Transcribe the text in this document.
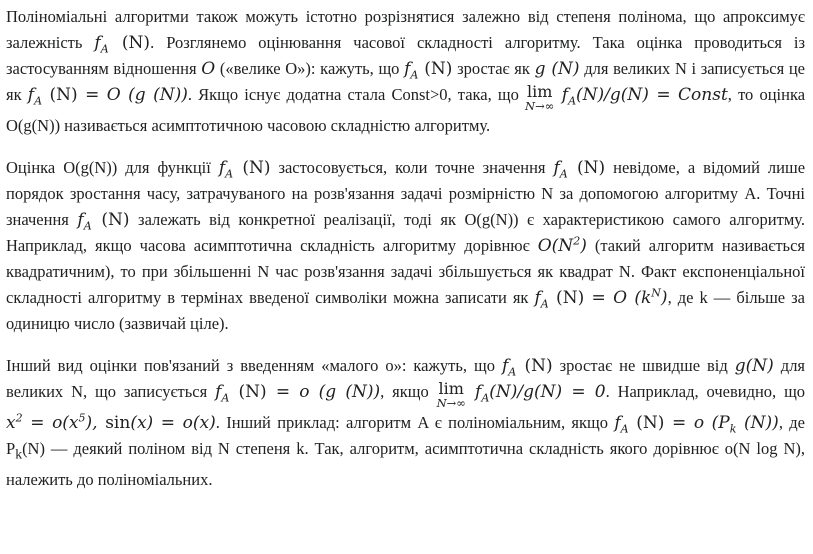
Поліноміальні алгоритми також можуть істотно розрізнятися залежно від степеня полінома, що апроксимує залежність $f_A$ (N). Розглянемо оцінювання часової складності алгоритму. Така оцінка проводиться із застосуванням відношення O («велике O»): кажуть, що $f_A$ (N) зростає як g (N) для великих N і записується це як $f_A$ (N) = O (g (N)). Якщо існує додатна стала Const>0, така, що lim
N→∞
$f_A(N)/g(N)$ = Const, то оцінка O(g(N)) називається асимптотичною часовою складністю алгоритму.

Оцінка O(g(N)) для функції $f_A$ (N) застосовується, коли точне значення $f_A$ (N) невідоме, а відомий лише порядок зростання часу, затрачуваного на розв'язання задачі розмірністю N за допомогою алгоритму A. Точні значення $f_A$ (N) залежать від конкретної реалізації, тоді як O(g(N)) є характеристикою самого алгоритму. Наприклад, якщо часова асимптотична складність алгоритму дорівнює $O(N^2)$ (такий алгоритм називається квадратичним), то при збільшенні N час розв'язання задачі збільшується як квадрат N. Факт експоненціальної складності алгоритму в термінах введеної символіки можна записати як $f_A$ (N) = O $(k^N)$, де k — більше за одиницю число (зазвичай ціле).

Інший вид оцінки пов'язаний з введенням «малого о»: кажуть, що $f_A$ (N) зростає не швидше від g(N) для великих N, що записується $f_A$ (N) = o (g (N)), якщо lim
N→∞
$f_A(N)/g(N) = 0$. Наприклад, очевидно, що $x^2 = o(x^5)$, sin(x) = o(x). Інший приклад: алгоритм A є поліноміальним, якщо $f_A$ (N) = o ($P_k$ (N)), де $P_k(N)$ — деякий поліном від N степеня k. Так, алгоритм, асимптотична складність якого дорівнює o(N log N), належить до поліноміальних.
